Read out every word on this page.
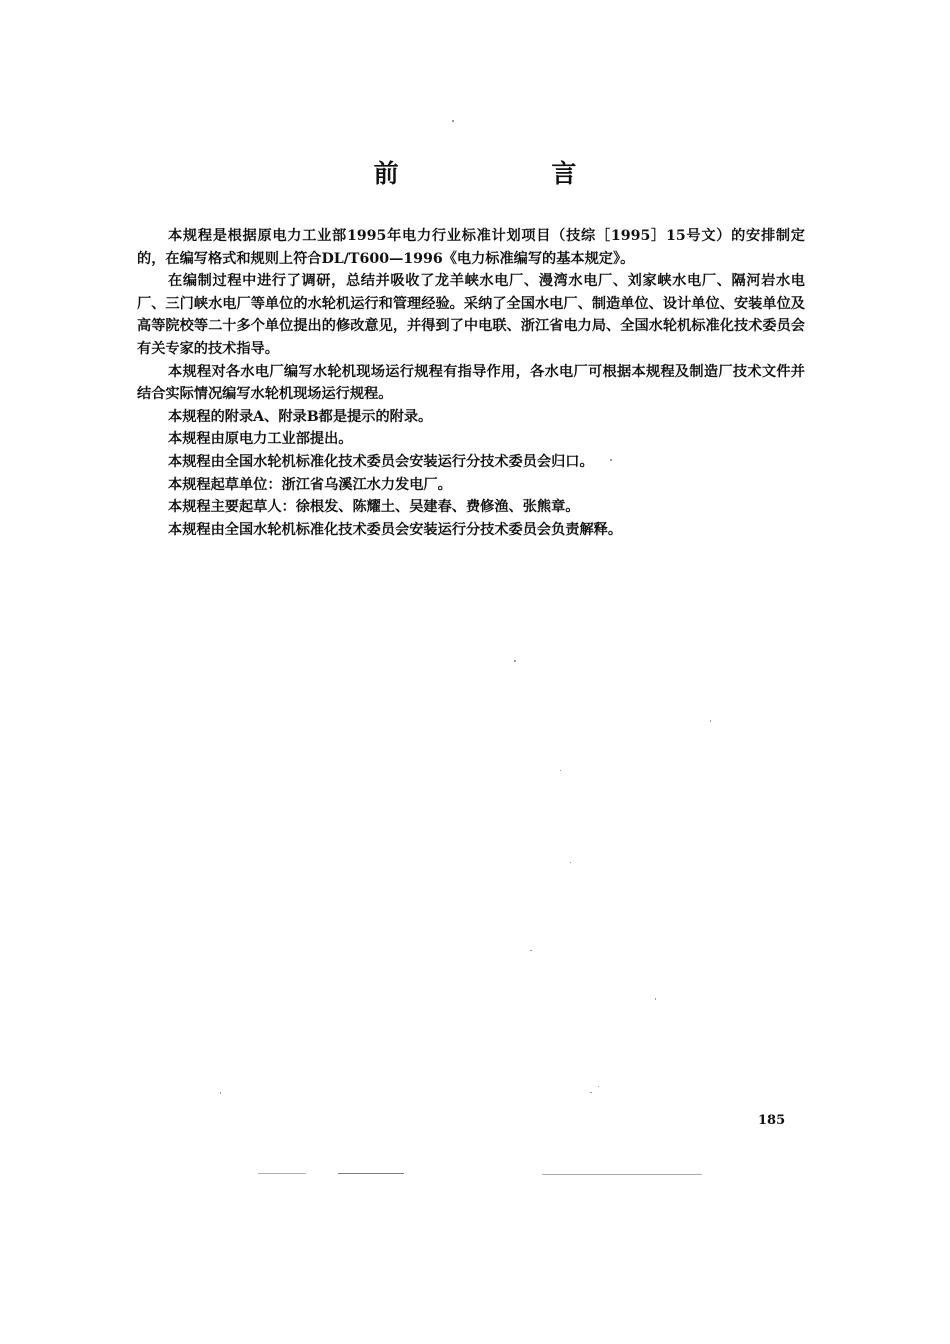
前 言

本规程是根据原电力工业部1995年电力行业标准计划项目（技综［1995］15号文）的安排制定的，在编写格式和规则上符合DL/T600—1996《电力标准编写的基本规定》。

在编制过程中进行了调研，总结并吸收了龙羊峡水电厂、漫湾水电厂、刘家峡水电厂、隔河岩水电厂、三门峡水电厂等单位的水轮机运行和管理经验。采纳了全国水电厂、制造单位、设计单位、安装单位及高等院校等二十多个单位提出的修改意见，并得到了中电联、浙江省电力局、全国水轮机标准化技术委员会有关专家的技术指导。

本规程对各水电厂编写水轮机现场运行规程有指导作用，各水电厂可根据本规程及制造厂技术文件并结合实际情况编写水轮机现场运行规程。

本规程的附录A、附录B都是提示的附录。

本规程由原电力工业部提出。

本规程由全国水轮机标准化技术委员会安装运行分技术委员会归口。

本规程起草单位：浙江省乌溪江水力发电厂。

本规程主要起草人：徐根发、陈耀土、吴建春、费修渔、张熊章。

本规程由全国水轮机标准化技术委员会安装运行分技术委员会负责解释。

185
